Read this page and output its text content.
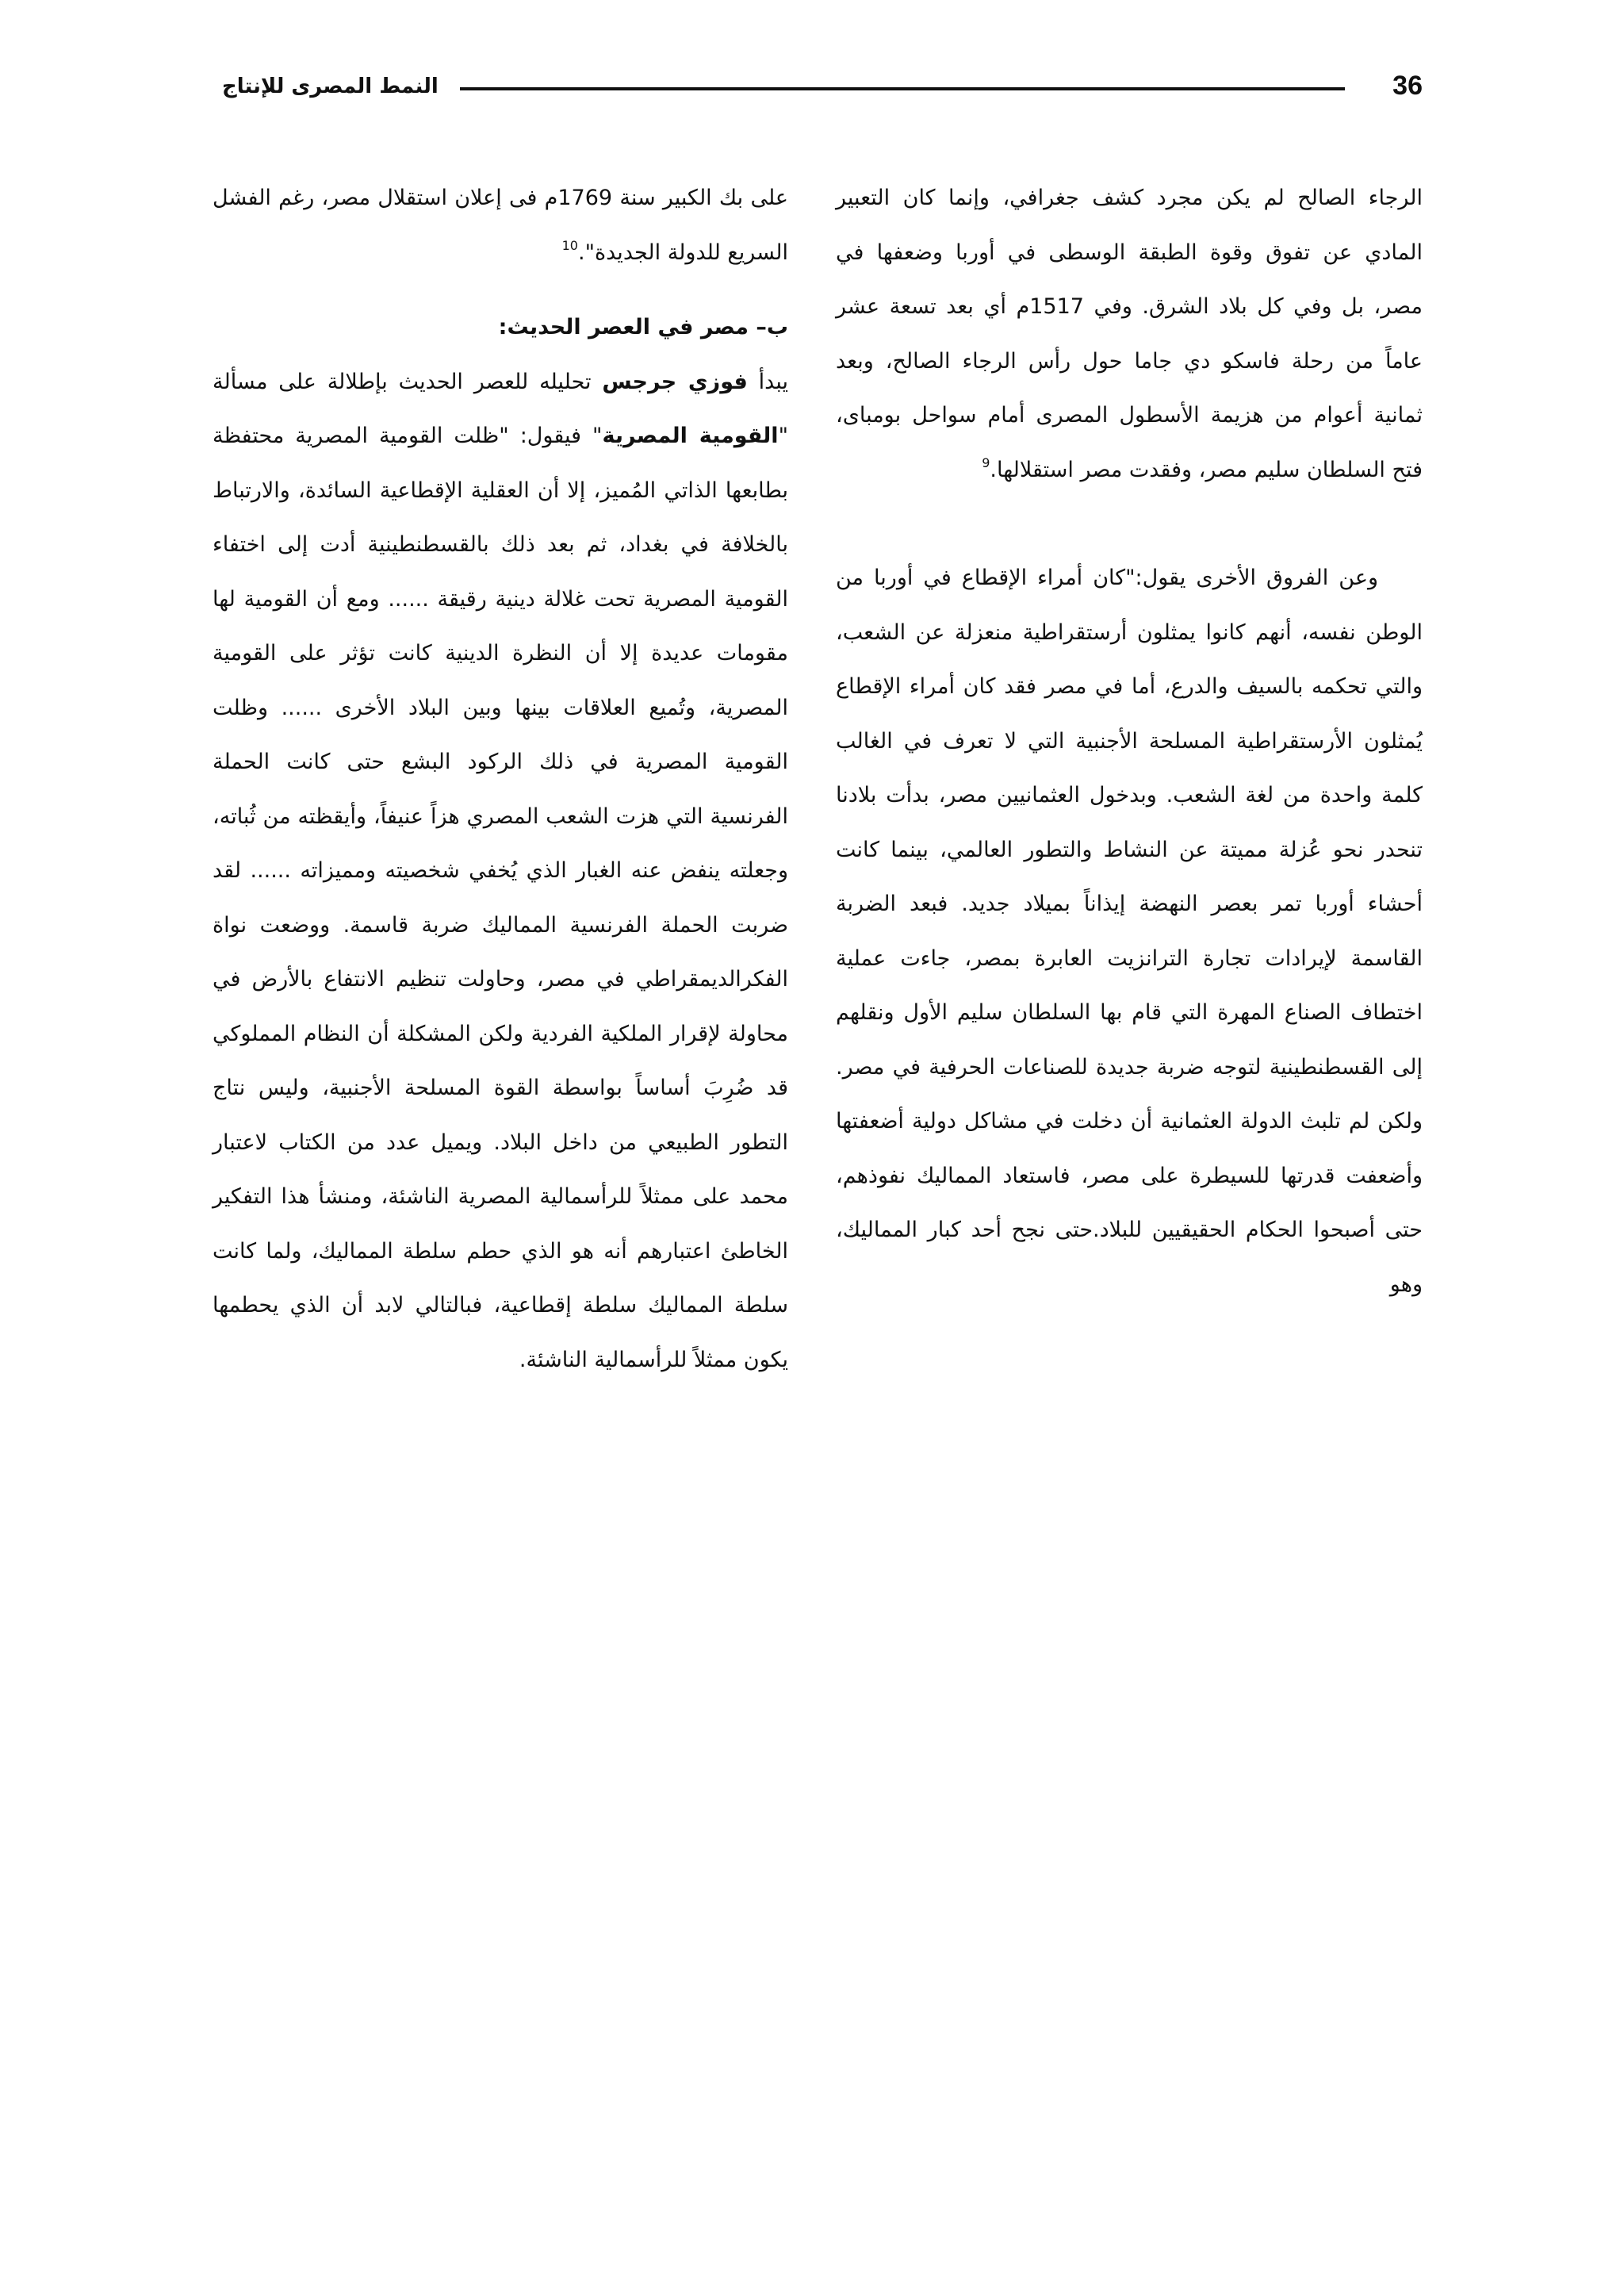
36
النمط المصرى للإنتاج

الرجاء الصالح لم يكن مجرد كشف جغرافي، وإنما كان التعبير المادي عن تفوق وقوة الطبقة الوسطى في أوربا وضعفها في مصر، بل وفي كل بلاد الشرق. وفي 1517م أي بعد تسعة عشر عاماً من رحلة فاسكو دي جاما حول رأس الرجاء الصالح، وبعد ثمانية أعوام من هزيمة الأسطول المصرى أمام سواحل بومباى، فتح السلطان سليم مصر، وفقدت مصر استقلالها.$^9$

وعن الفروق الأخرى يقول:"كان أمراء الإقطاع في أوربا من الوطن نفسه، أنهم كانوا يمثلون أرستقراطية منعزلة عن الشعب، والتي تحكمه بالسيف والدرع، أما في مصر فقد كان أمراء الإقطاع يُمثلون الأرستقراطية المسلحة الأجنبية التي لا تعرف في الغالب كلمة واحدة من لغة الشعب. وبدخول العثمانيين مصر، بدأت بلادنا تنحدر نحو عُزلة مميتة عن النشاط والتطور العالمي، بينما كانت أحشاء أوربا تمر بعصر النهضة إيذاناً بميلاد جديد. فبعد الضربة القاسمة لإيرادات تجارة الترانزيت العابرة بمصر، جاءت عملية اختطاف الصناع المهرة التي قام بها السلطان سليم الأول ونقلهم إلى القسطنطينية لتوجه ضربة جديدة للصناعات الحرفية في مصر. ولكن لم تلبث الدولة العثمانية أن دخلت في مشاكل دولية أضعفتها وأضعفت قدرتها للسيطرة على مصر، فاستعاد المماليك نفوذهم، حتى أصبحوا الحكام الحقيقيين للبلاد.حتى نجح أحد كبار المماليك، وهو

على بك الكبير سنة 1769م فى إعلان استقلال مصر، رغم الفشل السريع للدولة الجديدة".$^{10}$

ب– مصر في العصر الحديث:

يبدأ فوزي جرجس تحليله للعصر الحديث بإطلالة على مسألة "القومية المصرية" فيقول: "ظلت القومية المصرية محتفظة بطابعها الذاتي المُميز، إلا أن العقلية الإقطاعية السائدة، والارتباط بالخلافة في بغداد، ثم بعد ذلك بالقسطنطينية أدت إلى اختفاء القومية المصرية تحت غلالة دينية رقيقة ...... ومع أن القومية لها مقومات عديدة إلا أن النظرة الدينية كانت تؤثر على القومية المصرية، وتُميع العلاقات بينها وبين البلاد الأخرى ...... وظلت القومية المصرية في ذلك الركود البشع حتى كانت الحملة الفرنسية التي هزت الشعب المصري هزاً عنيفاً، وأيقظته من ثُباته، وجعلته ينفض عنه الغبار الذي يُخفي شخصيته ومميزاته ...... لقد ضربت الحملة الفرنسية المماليك ضربة قاسمة. ووضعت نواة الفكرالديمقراطي في مصر، وحاولت تنظيم الانتفاع بالأرض في محاولة لإقرار الملكية الفردية ولكن المشكلة أن النظام المملوكي قد ضُرِبَ أساساً بواسطة القوة المسلحة الأجنبية، وليس نتاج التطور الطبيعي من داخل البلاد. ويميل عدد من الكتاب لاعتبار محمد على ممثلاً للرأسمالية المصرية الناشئة، ومنشأ هذا التفكير الخاطئ اعتبارهم أنه هو الذي حطم سلطة المماليك، ولما كانت سلطة المماليك سلطة إقطاعية، فبالتالي لابد أن الذي يحطمها يكون ممثلاً للرأسمالية الناشئة.
